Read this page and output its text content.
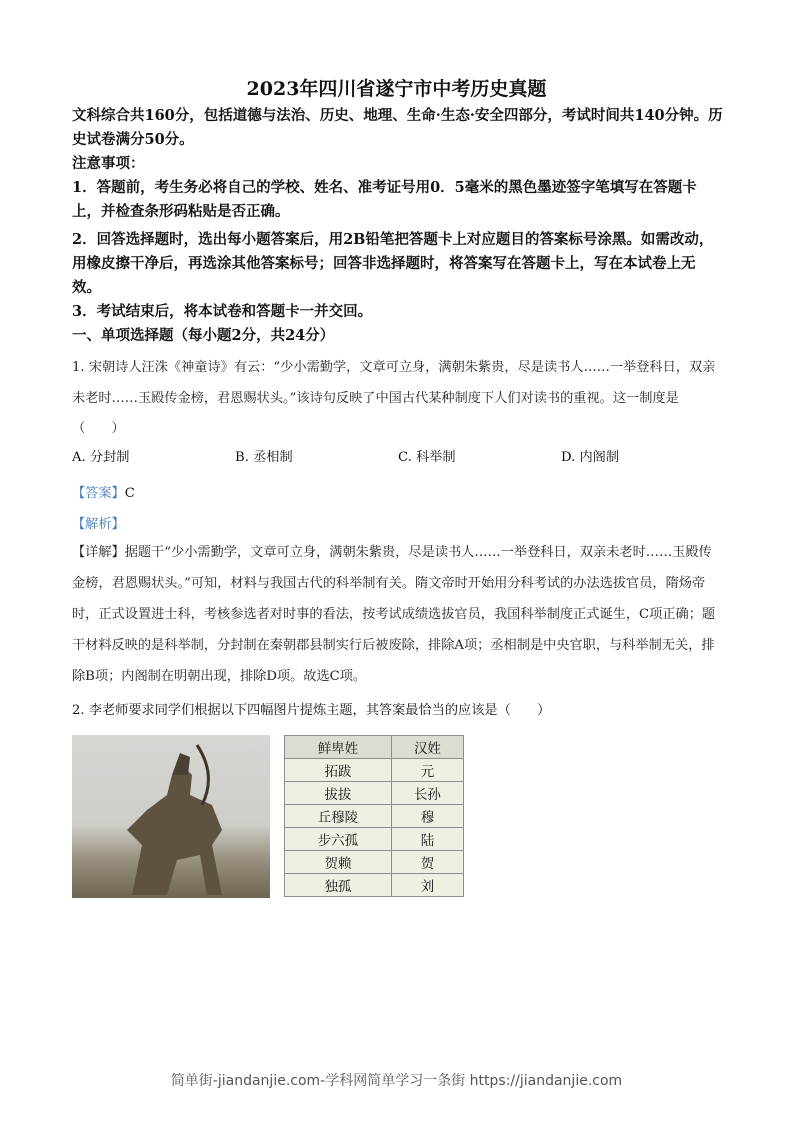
2023年四川省遂宁市中考历史真题
文科综合共160分，包括道德与法治、历史、地理、生命·生态·安全四部分，考试时间共140分钟。历史试卷满分50分。
注意事项：
1．答题前，考生务必将自己的学校、姓名、准考证号用0．5毫米的黑色墨迹签字笔填写在答题卡上，并检查条形码粘贴是否正确。
2．回答选择题时，选出每小题答案后，用2B铅笔把答题卡上对应题目的答案标号涂黑。如需改动，用橡皮擦干净后，再选涂其他答案标号；回答非选择题时，将答案写在答题卡上，写在本试卷上无效。
3．考试结束后，将本试卷和答题卡一并交回。
一、单项选择题（每小题2分，共24分）
1. 宋朝诗人汪洙《神童诗》有云：“少小需勤学，文章可立身，满朝朱紫贵，尽是读书人……一举登科日，双亲未老时……玉殿传金榜，君恩赐状头。”该诗句反映了中国古代某种制度下人们对读书的重视。这一制度是（　　）
A. 分封制	B. 丞相制	C. 科举制	D. 内阁制
【答案】C
【解析】
【详解】据题干“少小需勤学，文章可立身，满朝朱紫贵，尽是读书人……一举登科日，双亲未老时……玉殿传金榜，君恩赐状头。”可知，材料与我国古代的科举制有关。隋文帝时开始用分科考试的办法选拔官员，隋炀帝时，正式设置进士科，考核参选者对时事的看法，按考试成绩选拔官员，我国科举制度正式诞生，C项正确；题干材料反映的是科举制，分封制在秦朝郡县制实行后被废除，排除A项；丞相制是中央官职，与科举制无关，排除B项；内阁制在明朝出现，排除D项。故选C项。
2. 李老师要求同学们根据以下四幅图片提炼主题，其答案最恰当的应该是（　　）
鲜卑姓	汉姓
拓跋	元
拔拔	长孙
丘穆陵	穆
步六孤	陆
贺赖	贺
独孤	刘
简单街-jiandanjie.com-学科网简单学习一条街 https://jiandanjie.com
